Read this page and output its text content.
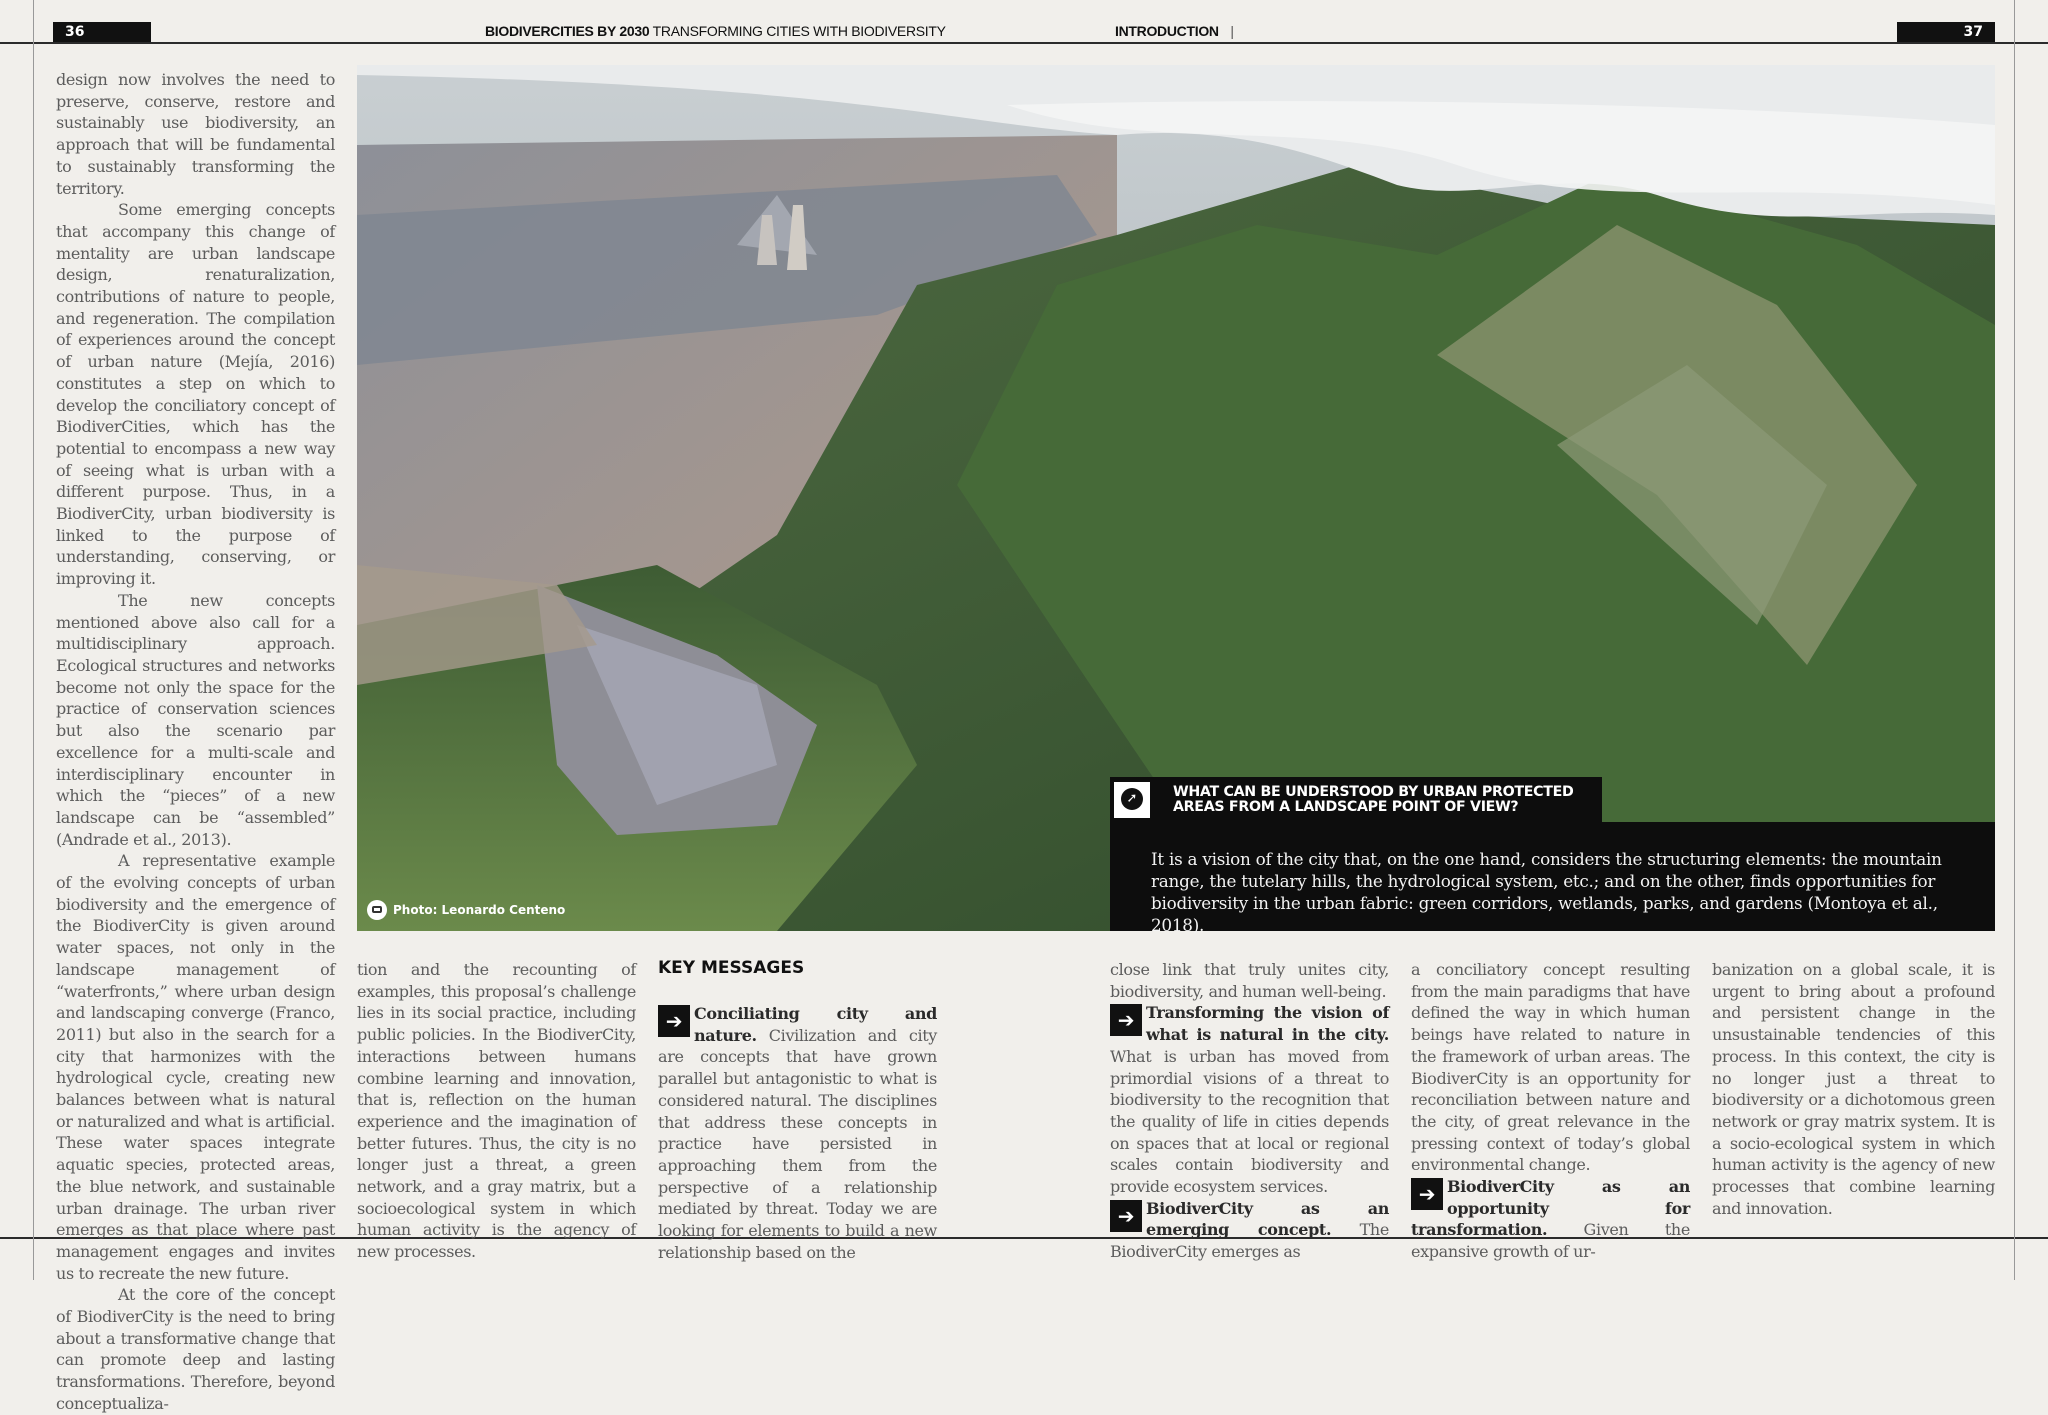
36	37
BIODIVERCITIES BY 2030 TRANSFORMING CITIES WITH BIODIVERSITY	INTRODUCTION |

design now involves the need to preserve, conserve, restore and sustainably use biodiversity, an approach that will be fundamental to sustainably transforming the territory.

Some emerging concepts that accompany this change of mentality are urban landscape design, renaturalization, contributions of nature to people, and regeneration. The compilation of experiences around the concept of urban nature (Mejía, 2016) constitutes a step on which to develop the conciliatory concept of BiodiverCities, which has the potential to encompass a new way of seeing what is urban with a different purpose. Thus, in a BiodiverCity, urban biodiversity is linked to the purpose of understanding, conserving, or improving it.

The new concepts mentioned above also call for a multidisciplinary approach. Ecological structures and networks become not only the space for the practice of conservation sciences but also the scenario par excellence for a multi-scale and interdisciplinary encounter in which the “pieces” of a new landscape can be “assembled” (Andrade et al., 2013).

A representative example of the evolving concepts of urban biodiversity and the emergence of the BiodiverCity is given around water spaces, not only in the landscape management of “waterfronts,” where urban design and landscaping converge (Franco, 2011) but also in the search for a city that harmonizes with the hydrological cycle, creating new balances between what is natural or naturalized and what is artificial. These water spaces integrate aquatic species, protected areas, the blue network, and sustainable urban drainage. The urban river emerges as that place where past management engages and invites us to recreate the new future.

At the core of the concept of BiodiverCity is the need to bring about a transformative change that can promote deep and lasting transformations. Therefore, beyond conceptualiza-

Photo: Leonardo Centeno
➚
WHAT CAN BE UNDERSTOOD BY URBAN PROTECTED
AREAS FROM A LANDSCAPE POINT OF VIEW?
It is a vision of the city that, on the one hand, considers the structuring elements: the mountain range, the tutelary hills, the hydrological system, etc.; and on the other, finds opportunities for biodiversity in the urban fabric: green corridors, wetlands, parks, and gardens (Montoya et al., 2018).

tion and the recounting of examples, this proposal’s challenge lies in its social practice, including public policies. In the BiodiverCity, interactions between humans combine learning and innovation, that is, reflection on the human experience and the imagination of better futures. Thus, the city is no longer just a threat, a green network, and a gray matrix, but a socioecological system in which human activity is the agency of new processes.

KEY MESSAGES

➔ Conciliating city and nature. Civilization and city are concepts that have grown parallel but antagonistic to what is considered natural. The disciplines that address these concepts in practice have persisted in approaching them from the perspective of a relationship mediated by threat. Today we are looking for elements to build a new relationship based on the

close link that truly unites city, biodiversity, and human well-being.

➔ Transforming the vision of what is natural in the city. What is urban has moved from primordial visions of a threat to biodiversity to the recognition that the quality of life in cities depends on spaces that at local or regional scales contain biodiversity and provide ecosystem services.

➔ BiodiverCity as an emerging concept. The BiodiverCity emerges as

a conciliatory concept resulting from the main paradigms that have defined the way in which human beings have related to nature in the framework of urban areas. The BiodiverCity is an opportunity for reconciliation between nature and the city, of great relevance in the pressing context of today’s global environmental change.

➔ BiodiverCity as an opportunity for transformation. Given the expansive growth of ur-

banization on a global scale, it is urgent to bring about a profound and persistent change in the unsustainable tendencies of this process. In this context, the city is no longer just a threat to biodiversity or a dichotomous green network or gray matrix system. It is a socio-ecological system in which human activity is the agency of new processes that combine learning and innovation.
